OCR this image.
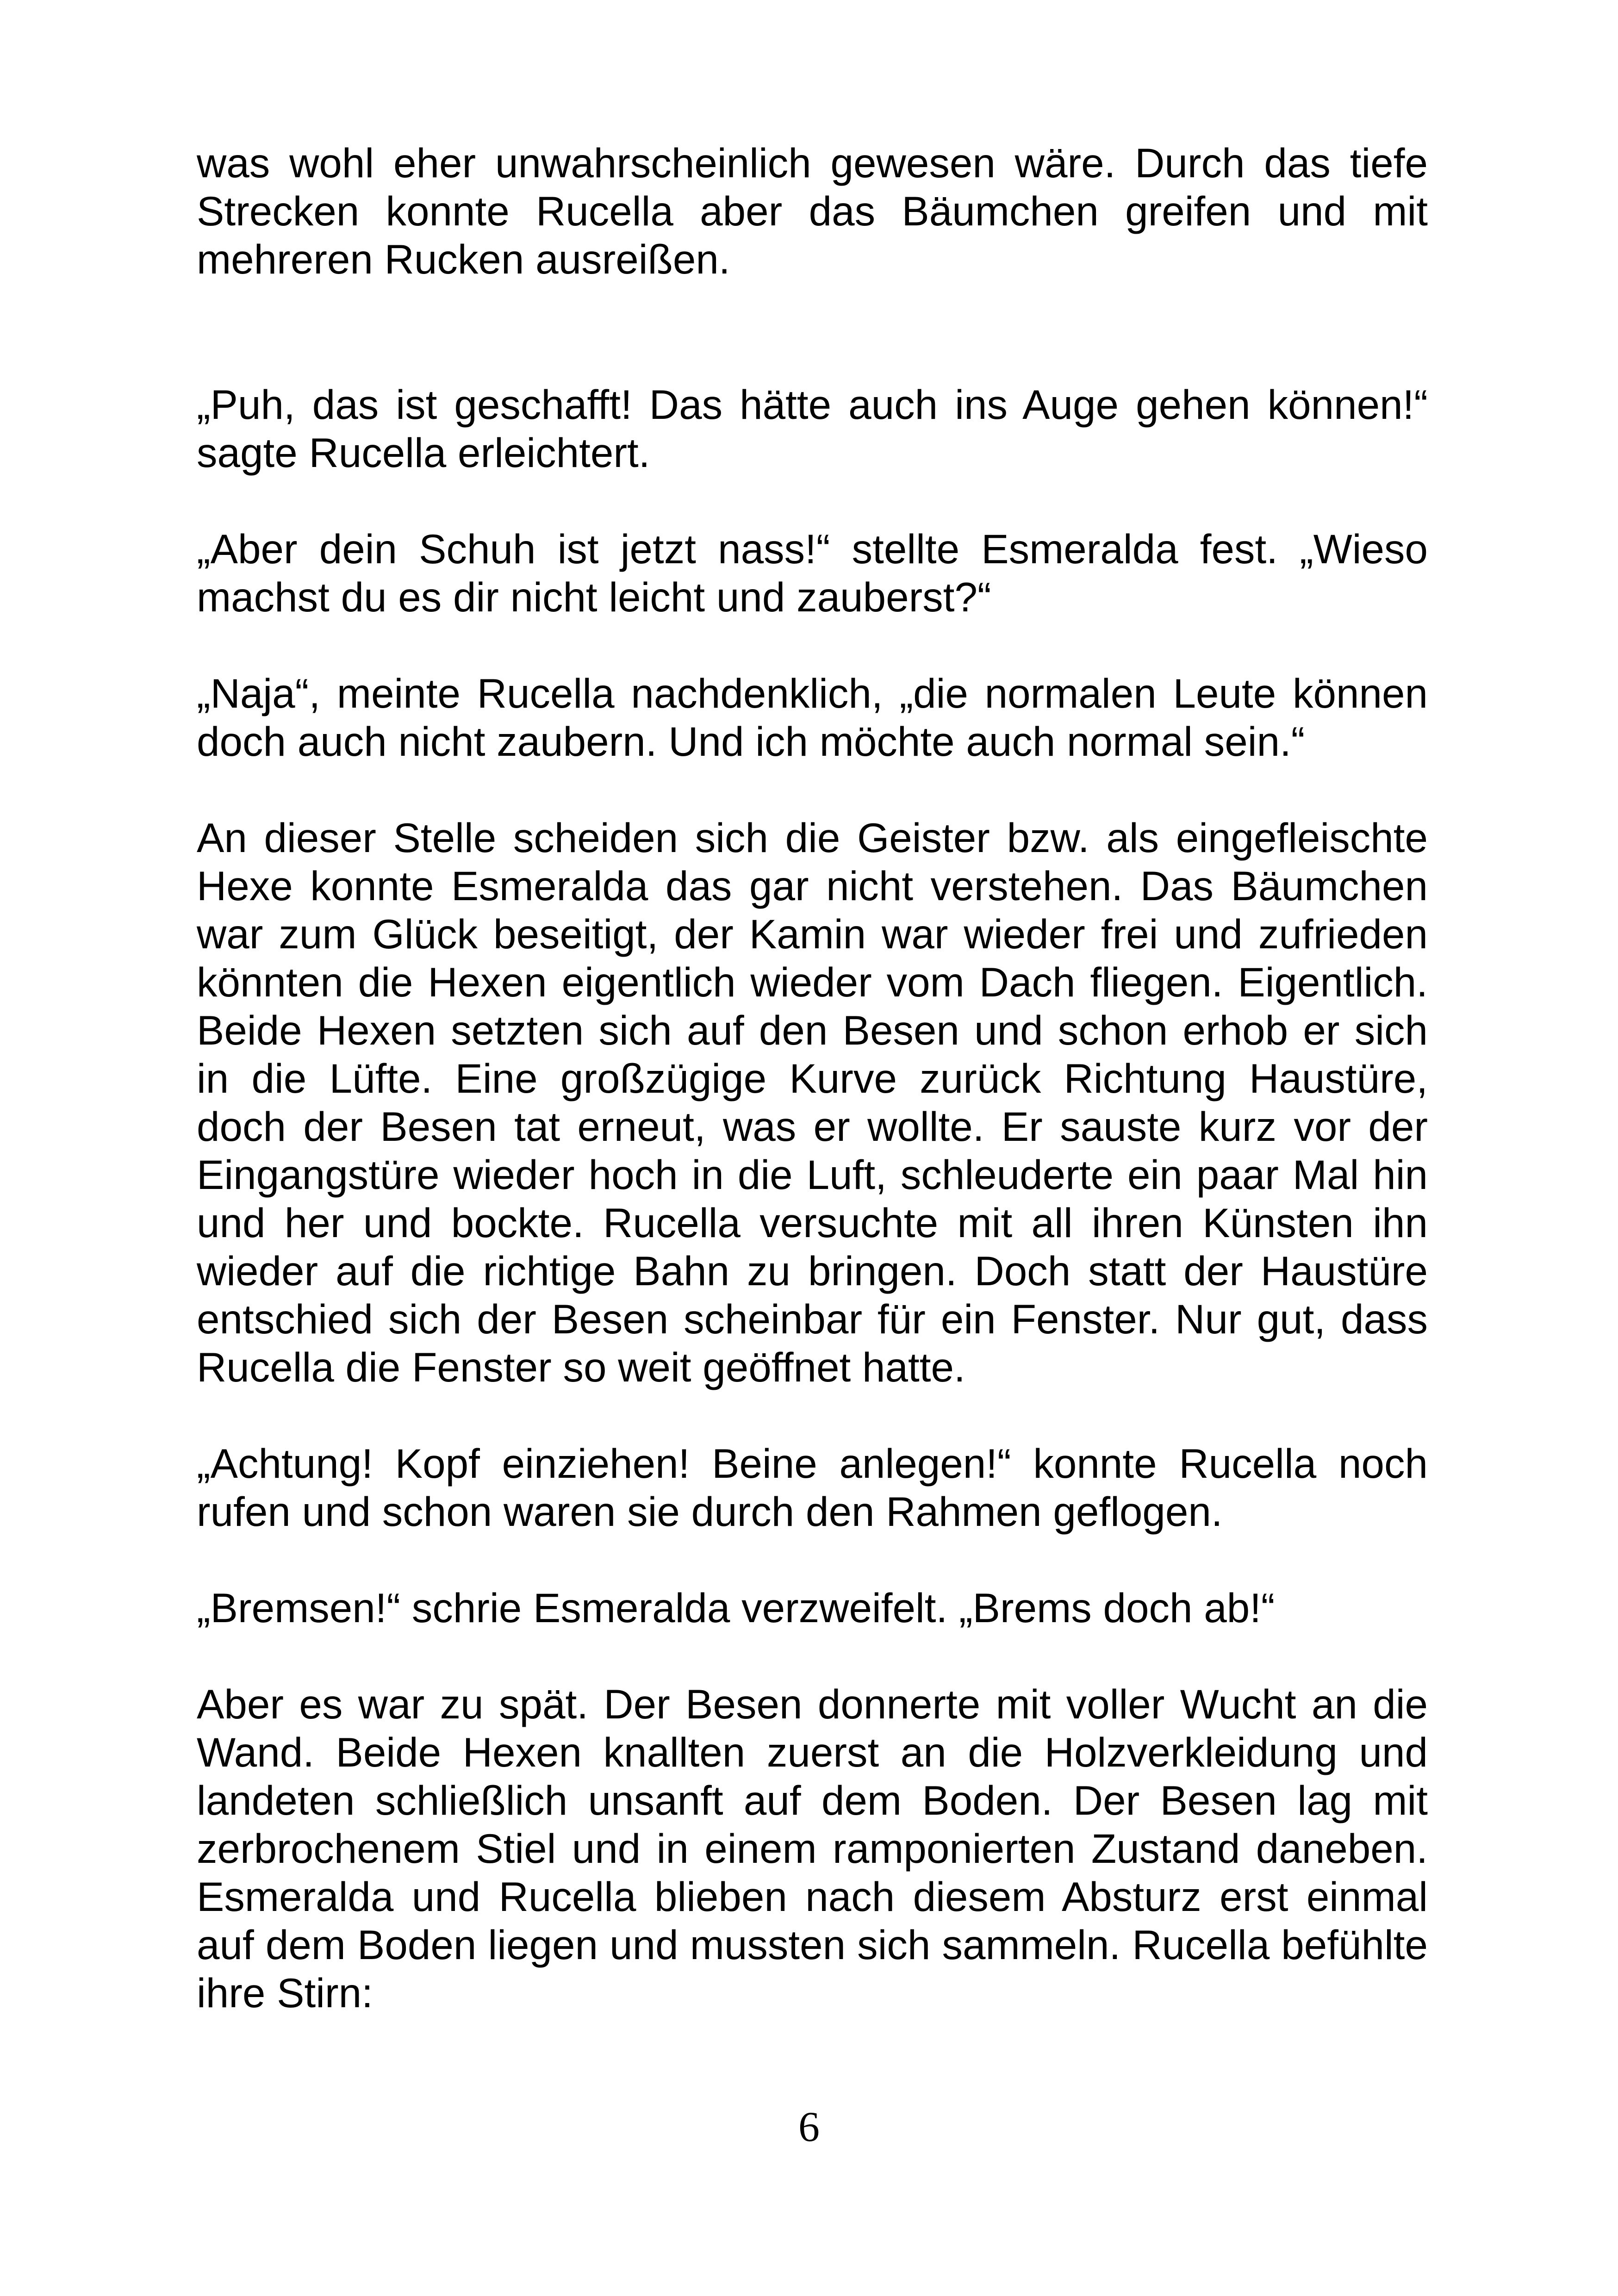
was wohl eher unwahrscheinlich gewesen wäre. Durch das tiefe Strecken konnte Rucella aber das Bäumchen greifen und mit mehreren Rucken ausreißen.

„Puh, das ist geschafft! Das hätte auch ins Auge gehen können!“ sagte Rucella erleichtert.

„Aber dein Schuh ist jetzt nass!“ stellte Esmeralda fest. „Wieso machst du es dir nicht leicht und zauberst?“

„Naja“, meinte Rucella nachdenklich, „die normalen Leute können doch auch nicht zaubern. Und ich möchte auch normal sein.“

An dieser Stelle scheiden sich die Geister bzw. als eingefleischte Hexe konnte Esmeralda das gar nicht verstehen. Das Bäumchen war zum Glück beseitigt, der Kamin war wieder frei und zufrieden könnten die Hexen eigentlich wieder vom Dach fliegen. Eigentlich. Beide Hexen setzten sich auf den Besen und schon erhob er sich in die Lüfte. Eine großzügige Kurve zurück Richtung Haustüre, doch der Besen tat erneut, was er wollte. Er sauste kurz vor der Eingangstüre wieder hoch in die Luft, schleuderte ein paar Mal hin und her und bockte. Rucella versuchte mit all ihren Künsten ihn wieder auf die richtige Bahn zu bringen. Doch statt der Haustüre entschied sich der Besen scheinbar für ein Fenster. Nur gut, dass Rucella die Fenster so weit geöffnet hatte.

„Achtung! Kopf einziehen! Beine anlegen!“ konnte Rucella noch rufen und schon waren sie durch den Rahmen geflogen.

„Bremsen!“ schrie Esmeralda verzweifelt. „Brems doch ab!“

Aber es war zu spät. Der Besen donnerte mit voller Wucht an die Wand. Beide Hexen knallten zuerst an die Holzverkleidung und landeten schließlich unsanft auf dem Boden. Der Besen lag mit zerbrochenem Stiel und in einem ramponierten Zustand daneben. Esmeralda und Rucella blieben nach diesem Absturz erst einmal auf dem Boden liegen und mussten sich sammeln. Rucella befühlte ihre Stirn:

6
